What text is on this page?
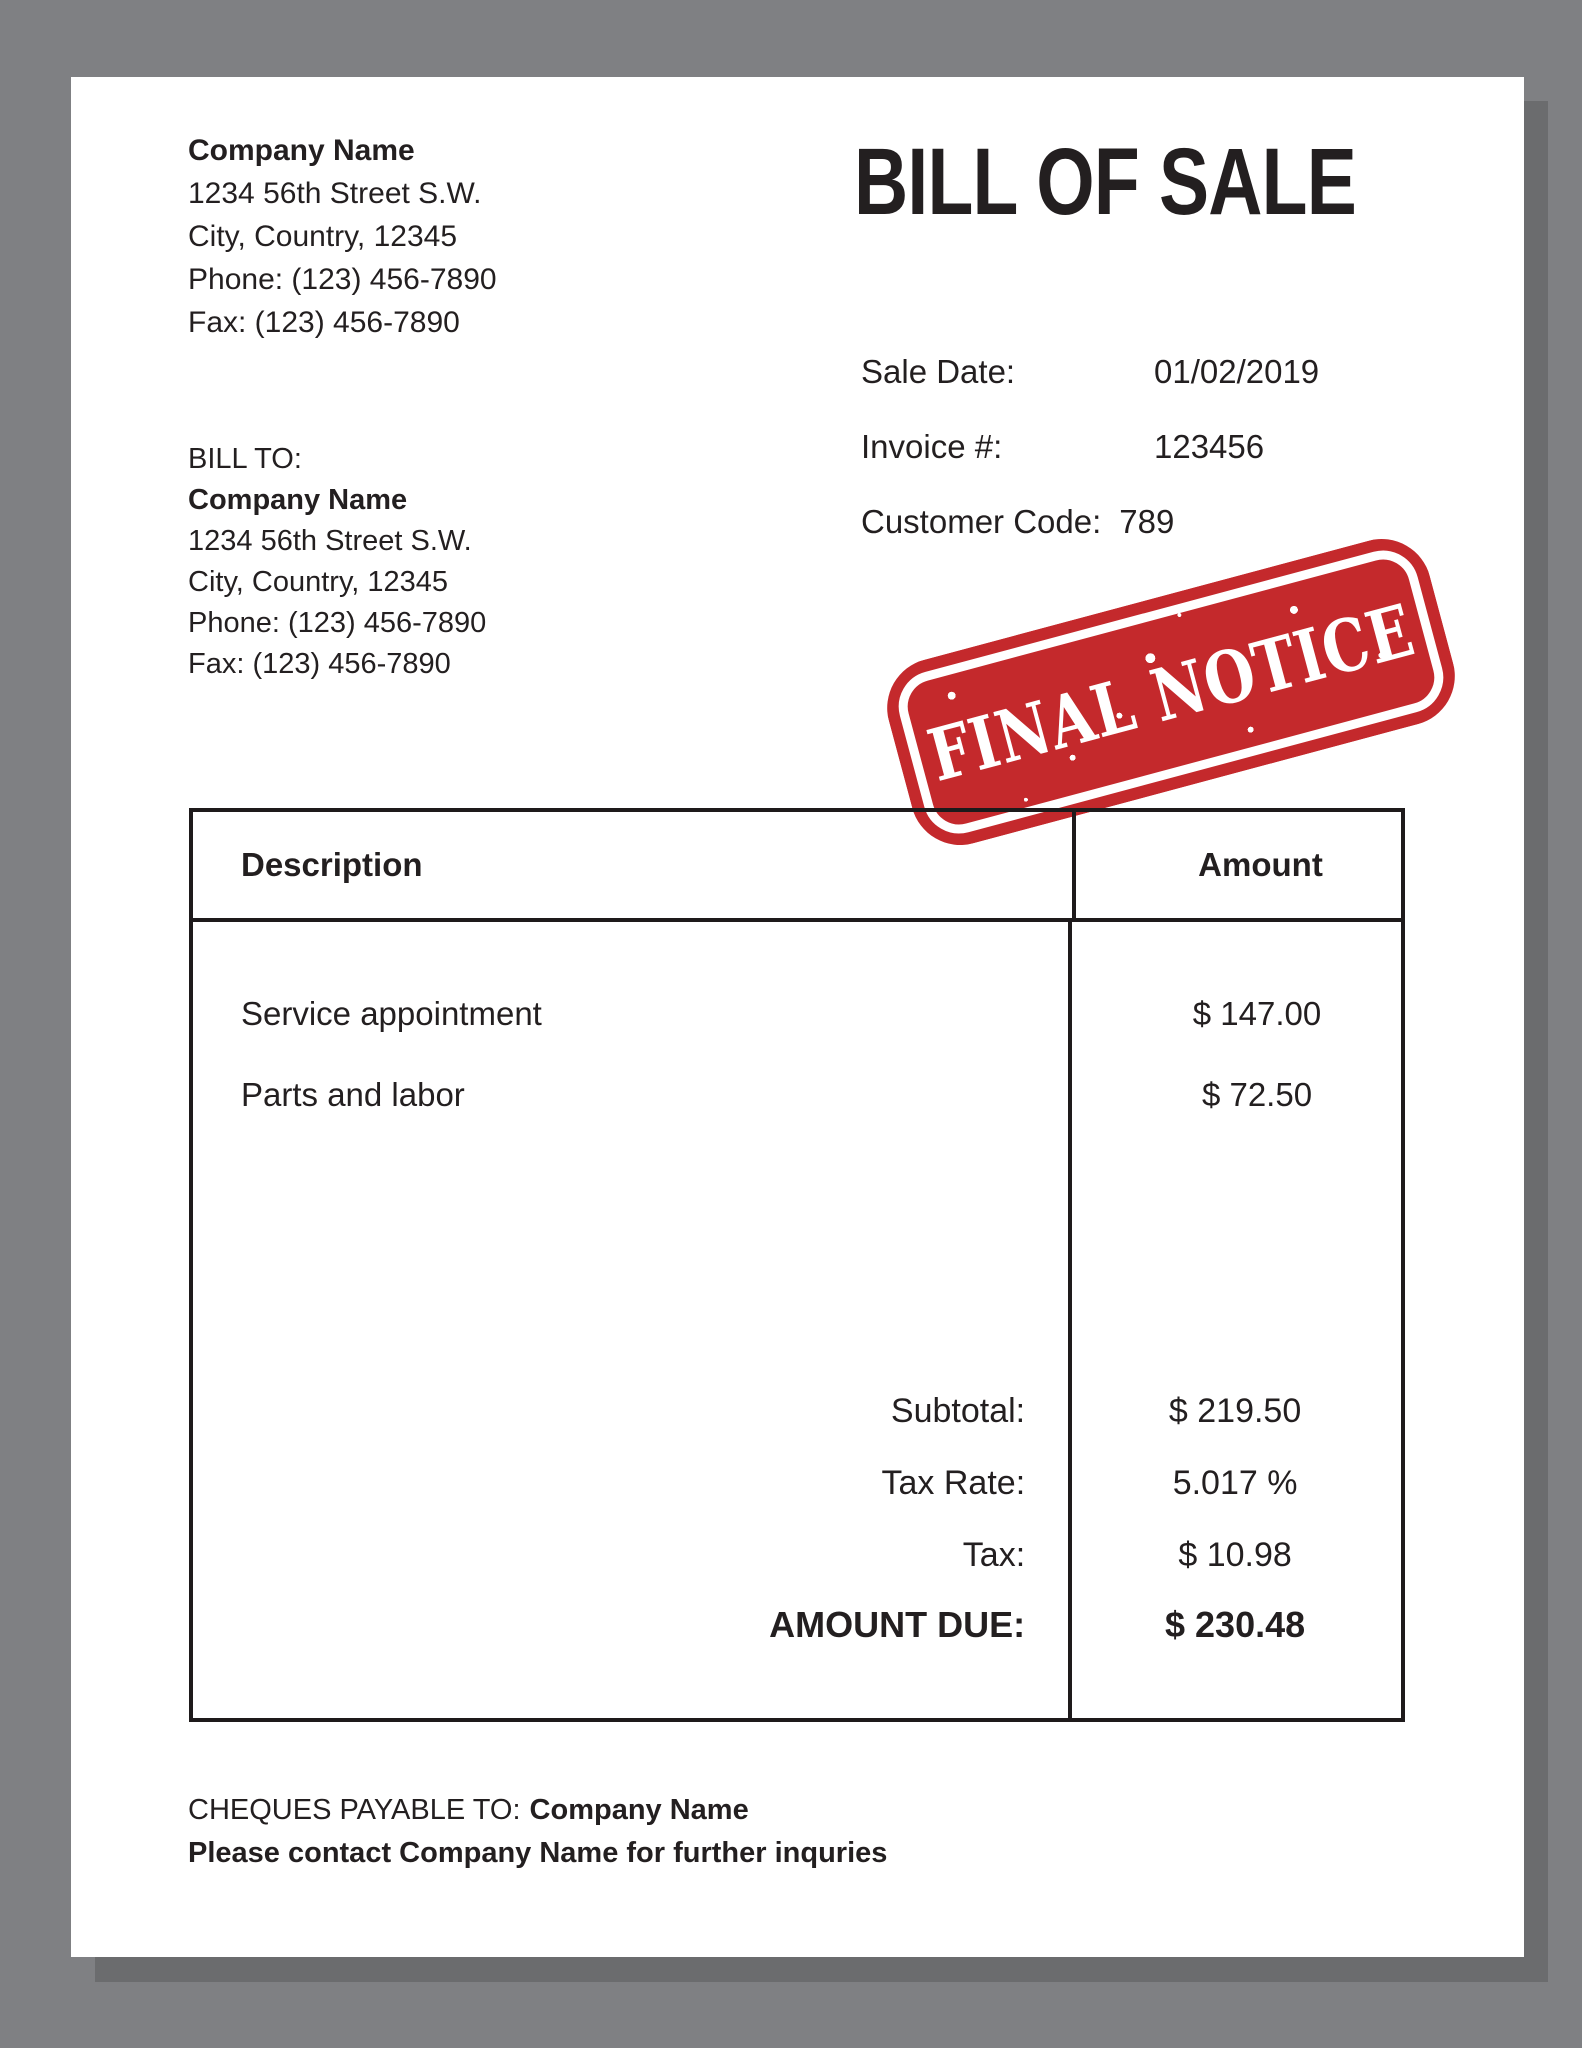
Company Name
1234 56th Street S.W.
City, Country, 12345
Phone: (123) 456-7890
Fax: (123) 456-7890
BILL OF SALE
Sale Date:	01/02/2019
Invoice #:	123456
Customer Code: 789
BILL TO:
Company Name
1234 56th Street S.W.
City, Country, 12345
Phone: (123) 456-7890
Fax: (123) 456-7890	FINAL NOTICE
Description	Amount
Service appointment	$ 147.00
Parts and labor	$ 72.50
Subtotal:	$ 219.50
Tax Rate:	5.017 %
Tax:	$ 10.98
AMOUNT DUE:	$ 230.48
CHEQUES PAYABLE TO: Company Name
Please contact Company Name for further inquries
